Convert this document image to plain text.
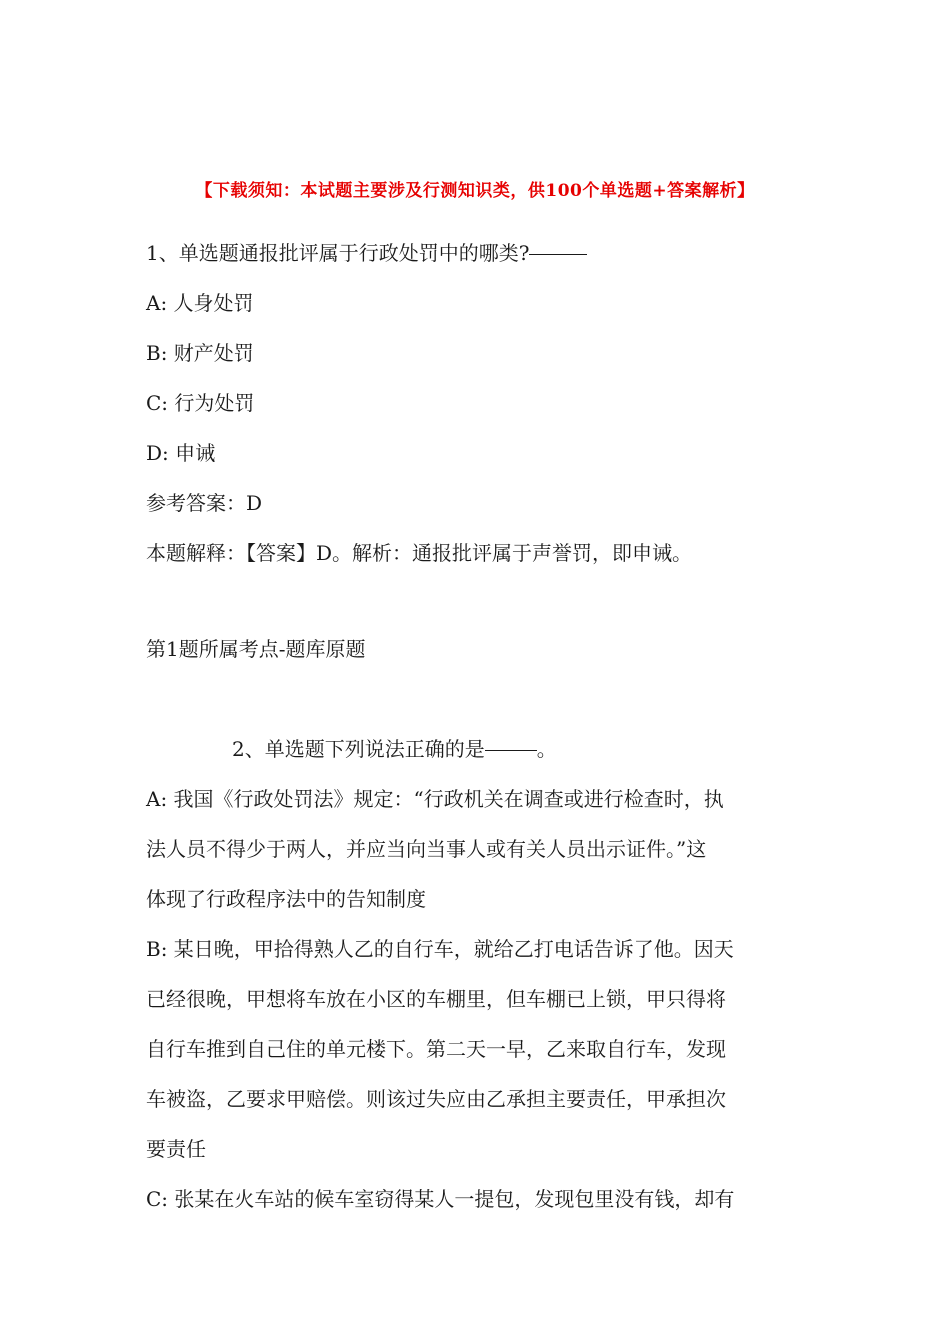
【下载须知：本试题主要涉及行测知识类，供100个单选题+答案解析】
1、单选题通报批评属于行政处罚中的哪类?
A: 人身处罚
B: 财产处罚
C: 行为处罚
D: 申诫
参考答案：D
本题解释：【答案】D。解析：通报批评属于声誉罚，即申诫。
第1题所属考点-题库原题
2、单选题下列说法正确的是	。
A: 我国《行政处罚法》规定：“行政机关在调查或进行检查时，执
法人员不得少于两人，并应当向当事人或有关人员出示证件。”这
体现了行政程序法中的告知制度
B: 某日晚，甲拾得熟人乙的自行车，就给乙打电话告诉了他。因天
已经很晚，甲想将车放在小区的车棚里，但车棚已上锁，甲只得将
自行车推到自己住的单元楼下。第二天一早，乙来取自行车，发现
车被盗，乙要求甲赔偿。则该过失应由乙承担主要责任，甲承担次
要责任
C: 张某在火车站的候车室窃得某人一提包，发现包里没有钱，却有
